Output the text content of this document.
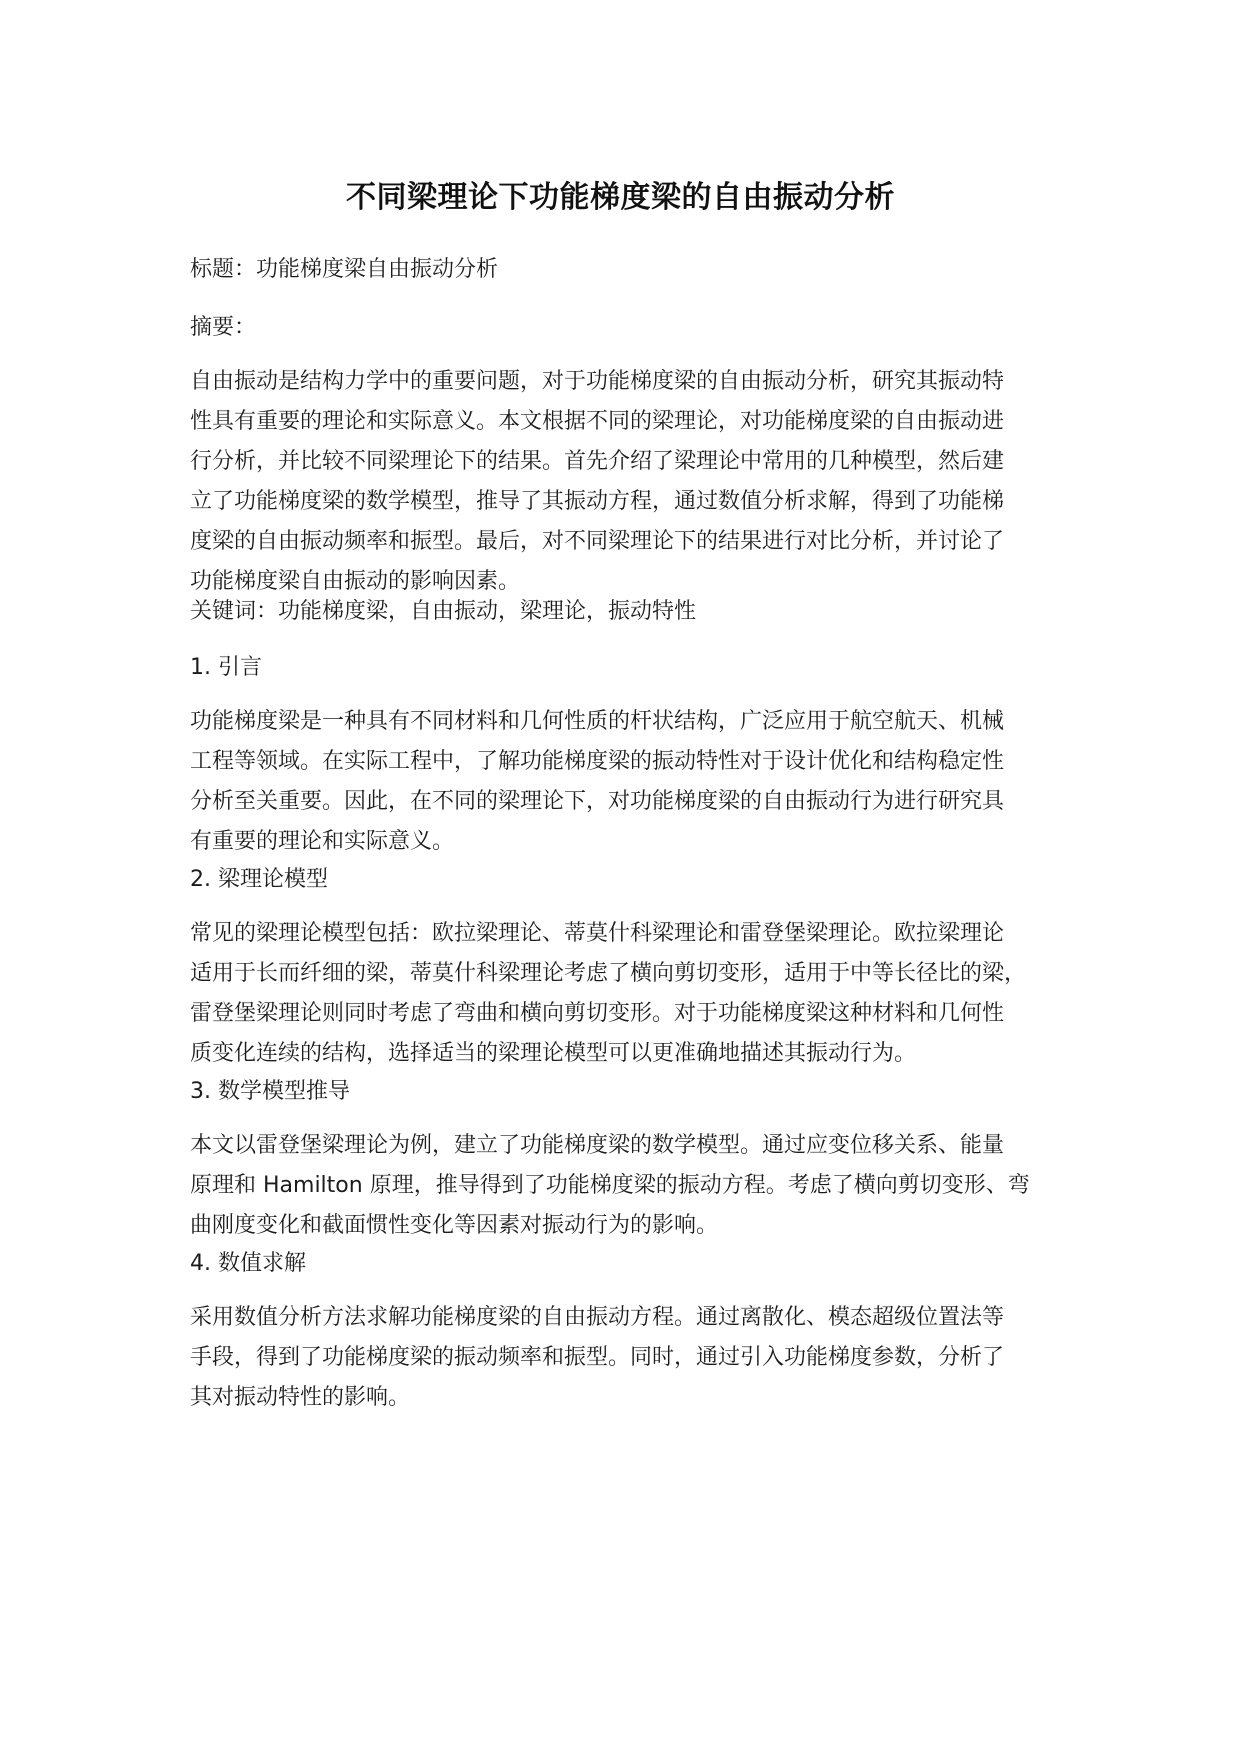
不同梁理论下功能梯度梁的自由振动分析
标题：功能梯度梁自由振动分析
摘要：
自由振动是结构力学中的重要问题，对于功能梯度梁的自由振动分析，研究其振动特
性具有重要的理论和实际意义。本文根据不同的梁理论，对功能梯度梁的自由振动进
行分析，并比较不同梁理论下的结果。首先介绍了梁理论中常用的几种模型，然后建
立了功能梯度梁的数学模型，推导了其振动方程，通过数值分析求解，得到了功能梯
度梁的自由振动频率和振型。最后，对不同梁理论下的结果进行对比分析，并讨论了
功能梯度梁自由振动的影响因素。
关键词：功能梯度梁，自由振动，梁理论，振动特性
1. 引言
功能梯度梁是一种具有不同材料和几何性质的杆状结构，广泛应用于航空航天、机械
工程等领域。在实际工程中，了解功能梯度梁的振动特性对于设计优化和结构稳定性
分析至关重要。因此，在不同的梁理论下，对功能梯度梁的自由振动行为进行研究具
有重要的理论和实际意义。
2. 梁理论模型
常见的梁理论模型包括：欧拉梁理论、蒂莫什科梁理论和雷登堡梁理论。欧拉梁理论
适用于长而纤细的梁，蒂莫什科梁理论考虑了横向剪切变形，适用于中等长径比的梁，
雷登堡梁理论则同时考虑了弯曲和横向剪切变形。对于功能梯度梁这种材料和几何性
质变化连续的结构，选择适当的梁理论模型可以更准确地描述其振动行为。
3. 数学模型推导
本文以雷登堡梁理论为例，建立了功能梯度梁的数学模型。通过应变位移关系、能量
原理和 Hamilton 原理，推导得到了功能梯度梁的振动方程。考虑了横向剪切变形、弯
曲刚度变化和截面惯性变化等因素对振动行为的影响。
4. 数值求解
采用数值分析方法求解功能梯度梁的自由振动方程。通过离散化、模态超级位置法等
手段，得到了功能梯度梁的振动频率和振型。同时，通过引入功能梯度参数，分析了
其对振动特性的影响。
